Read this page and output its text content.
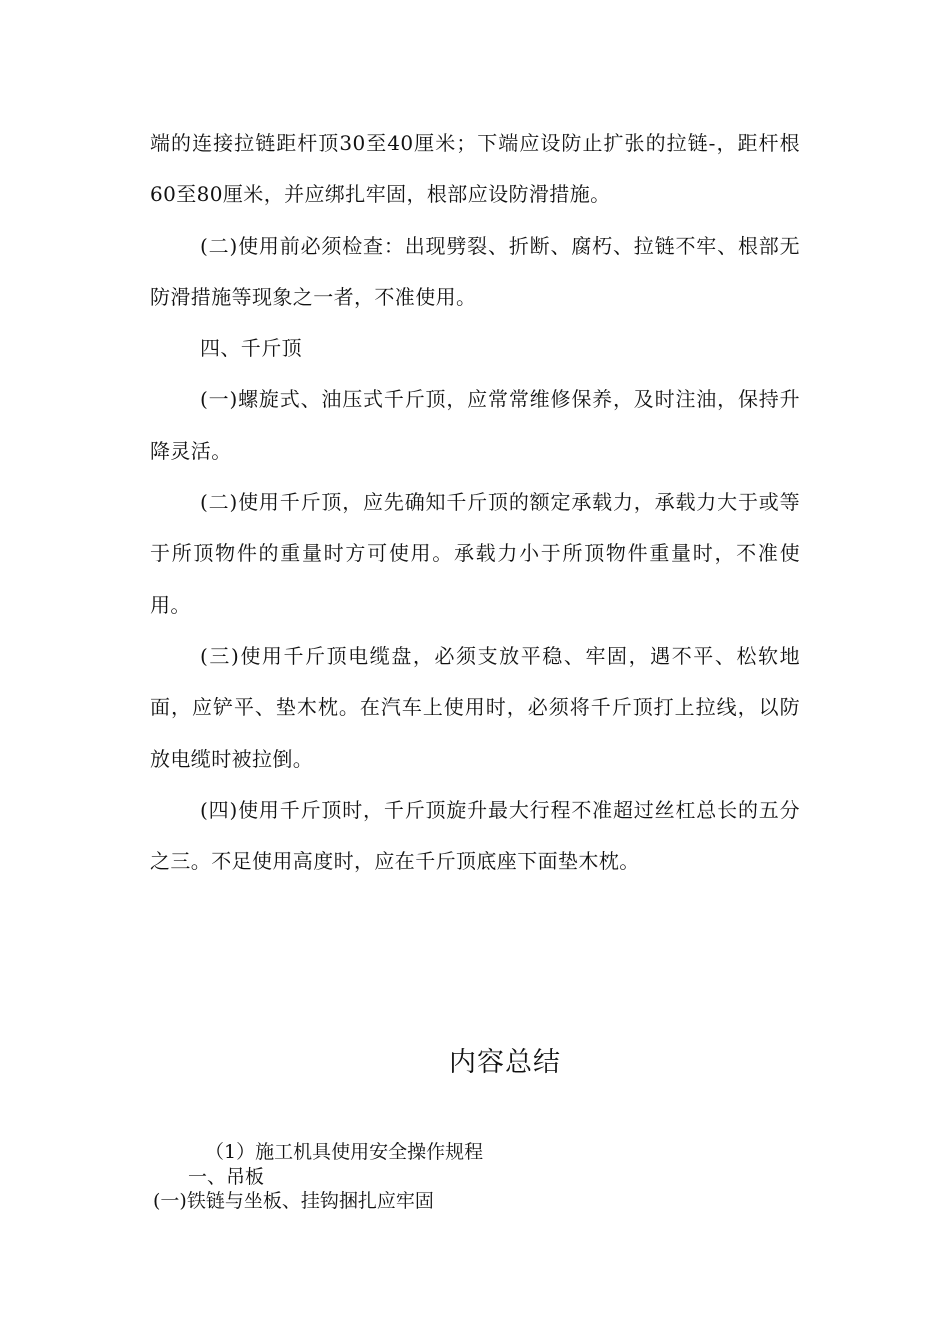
端的连接拉链距杆顶30至40厘米；下端应设防止扩张的拉链-，距杆根60至80厘米，并应绑扎牢固，根部应设防滑措施。

(二)使用前必须检查：出现劈裂、折断、腐朽、拉链不牢、根部无防滑措施等现象之一者，不准使用。

四、千斤顶

(一)螺旋式、油压式千斤顶，应常常维修保养，及时注油，保持升降灵活。

(二)使用千斤顶，应先确知千斤顶的额定承载力，承载力大于或等于所顶物件的重量时方可使用。承载力小于所顶物件重量时，不准使用。

(三)使用千斤顶电缆盘，必须支放平稳、牢固，遇不平、松软地面，应铲平、垫木枕。在汽车上使用时，必须将千斤顶打上拉线，以防放电缆时被拉倒。

(四)使用千斤顶时，千斤顶旋升最大行程不准超过丝杠总长的五分之三。不足使用高度时，应在千斤顶底座下面垫木枕。

内容总结
（1）施工机具使用安全操作规程
一、吊板
(一)铁链与坐板、挂钩捆扎应牢固
